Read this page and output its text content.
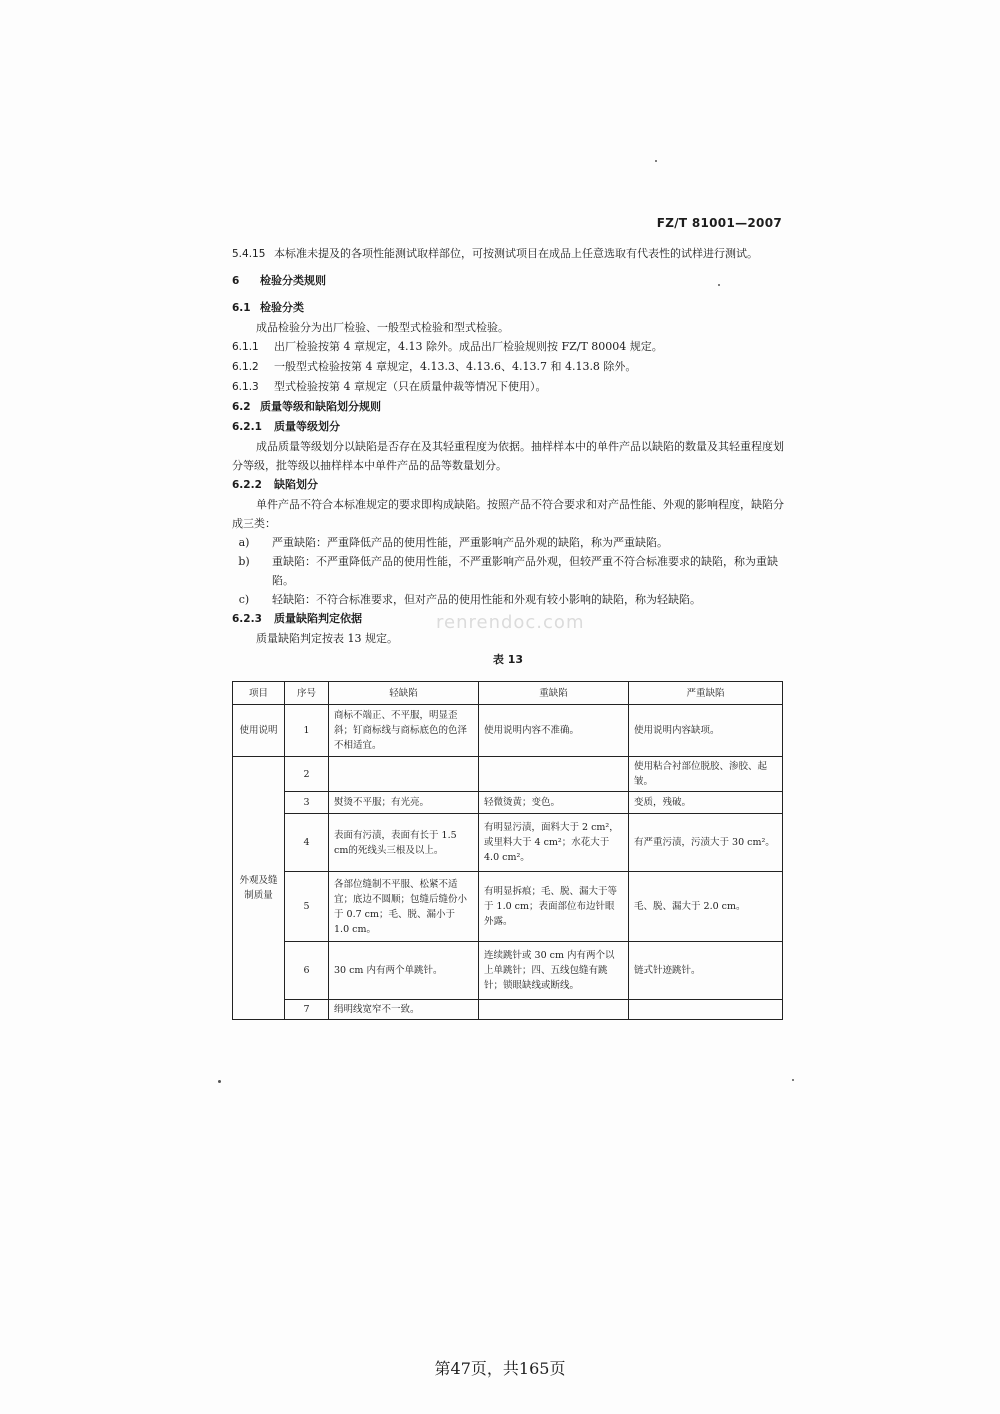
FZ/T 81001—2007

5.4.15 本标准未提及的各项性能测试取样部位，可按测试项目在成品上任意选取有代表性的试样进行测试。

6 检验分类规则

6.1 检验分类

成品检验分为出厂检验、一般型式检验和型式检验。

6.1.1 出厂检验按第 4 章规定，4.13 除外。成品出厂检验规则按 FZ/T 80004 规定。

6.1.2 一般型式检验按第 4 章规定，4.13.3、4.13.6、4.13.7 和 4.13.8 除外。

6.1.3 型式检验按第 4 章规定（只在质量仲裁等情况下使用）。

6.2 质量等级和缺陷划分规则

6.2.1 质量等级划分

成品质量等级划分以缺陷是否存在及其轻重程度为依据。抽样样本中的单件产品以缺陷的数量及其轻重程度划分等级，批等级以抽样样本中单件产品的品等数量划分。

6.2.2 缺陷划分

单件产品不符合本标准规定的要求即构成缺陷。按照产品不符合要求和对产品性能、外观的影响程度，缺陷分成三类：

a)	严重缺陷：严重降低产品的使用性能，严重影响产品外观的缺陷，称为严重缺陷。

b)	重缺陷：不严重降低产品的使用性能，不严重影响产品外观，但较严重不符合标准要求的缺陷，称为重缺陷。

c)	轻缺陷：不符合标准要求，但对产品的使用性能和外观有较小影响的缺陷，称为轻缺陷。

6.2.3 质量缺陷判定依据

质量缺陷判定按表 13 规定。

表 13

renrendoc.com
项目	序号	轻缺陷	重缺陷	严重缺陷
使用说明	1	商标不端正、不平服，明显歪斜；钉商标线与商标底色的色泽不相适宜。	使用说明内容不准确。	使用说明内容缺项。
外观及缝制质量	2			使用粘合衬部位脱胶、渗胶、起皱。
	3	熨烫不平服；有光亮。	轻微烫黄；变色。	变质，残破。
	4	表面有污渍，表面有长于 1.5 cm的死线头三根及以上。	有明显污渍，面料大于 2 cm²，或里料大于 4 cm²；水花大于 4.0 cm²。	有严重污渍，污渍大于 30 cm²。
	5	各部位缝制不平服、松紧不适宜；底边不圆顺；包缝后缝份小于 0.7 cm；毛、脱、漏小于 1.0 cm。	有明显拆痕；毛、脱、漏大于等于 1.0 cm；表面部位布边针眼外露。	毛、脱、漏大于 2.0 cm。
	6	30 cm 内有两个单跳针。	连续跳针或 30 cm 内有两个以上单跳针；四、五线包缝有跳针；锁眼缺线或断线。	链式针迹跳针。
	7	绢明线宽窄不一致。		
第47页，共165页
